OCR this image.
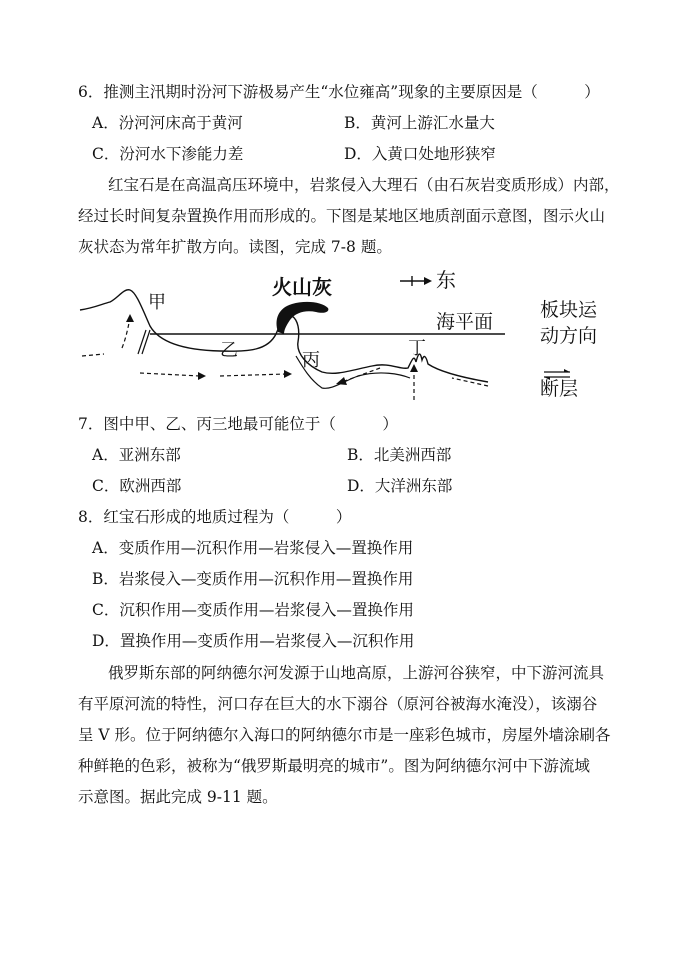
6．推测主汛期时汾河下游极易产生“水位雍高”现象的主要原因是（　　　）
A．汾河河床高于黄河	B．黄河上游汇水量大
C．汾河水下渗能力差	D．入黄口处地形狭窄
红宝石是在高温高压环境中，岩浆侵入大理石（由石灰岩变质形成）内部，
经过长时间复杂置换作用而形成的。下图是某地区地质剖面示意图，图示火山
灰状态为常年扩散方向。读图，完成 7-8 题。
甲
乙	丙
丁
火山灰	东
海平面
板块运
动方向
断层
7．图中甲、乙、丙三地最可能位于（　　　）
A．亚洲东部	B．北美洲西部
C．欧洲西部	D．大洋洲东部
8．红宝石形成的地质过程为（　　　）
A．变质作用—沉积作用—岩浆侵入—置换作用
B．岩浆侵入—变质作用—沉积作用—置换作用
C．沉积作用—变质作用—岩浆侵入—置换作用
D．置换作用—变质作用—岩浆侵入—沉积作用
俄罗斯东部的阿纳德尔河发源于山地高原，上游河谷狭窄，中下游河流具
有平原河流的特性，河口存在巨大的水下溺谷（原河谷被海水淹没），该溺谷
呈 V 形。位于阿纳德尔入海口的阿纳德尔市是一座彩色城市，房屋外墙涂刷各
种鲜艳的色彩，被称为“俄罗斯最明亮的城市”。图为阿纳德尔河中下游流域
示意图。据此完成 9-11 题。
